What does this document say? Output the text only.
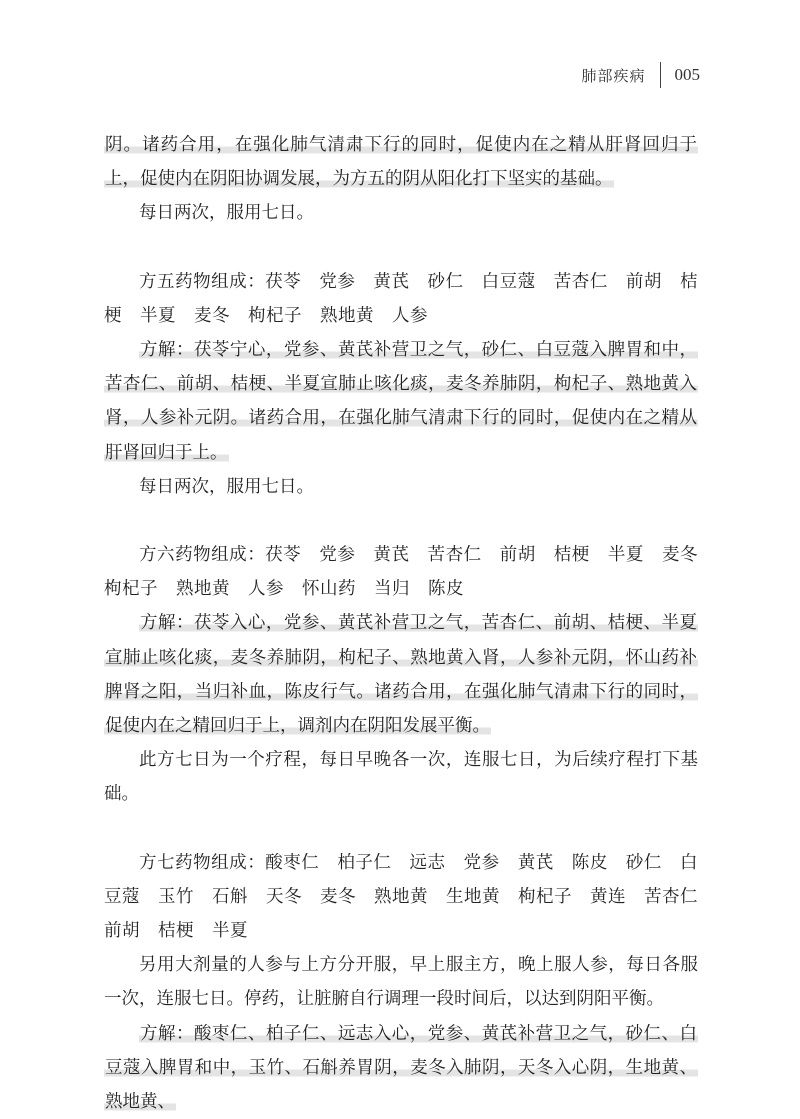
肺部疾病 005

阴。诸药合用，在强化肺气清肃下行的同时，促使内在之精从肝肾回归于上，促使内在阴阳协调发展，为方五的阴从阳化打下坚实的基础。

每日两次，服用七日。

方五药物组成：茯苓　党参　黄芪　砂仁　白豆蔻　苦杏仁　前胡　桔梗　半夏　麦冬　枸杞子　熟地黄　人参

方解：茯苓宁心，党参、黄芪补营卫之气，砂仁、白豆蔻入脾胃和中，苦杏仁、前胡、桔梗、半夏宣肺止咳化痰，麦冬养肺阴，枸杞子、熟地黄入肾，人参补元阴。诸药合用，在强化肺气清肃下行的同时，促使内在之精从肝肾回归于上。

每日两次，服用七日。

方六药物组成：茯苓　党参　黄芪　苦杏仁　前胡　桔梗　半夏　麦冬　枸杞子　熟地黄　人参　怀山药　当归　陈皮

方解：茯苓入心，党参、黄芪补营卫之气，苦杏仁、前胡、桔梗、半夏宣肺止咳化痰，麦冬养肺阴，枸杞子、熟地黄入肾，人参补元阴，怀山药补脾肾之阳，当归补血，陈皮行气。诸药合用，在强化肺气清肃下行的同时，促使内在之精回归于上，调剂内在阴阳发展平衡。

此方七日为一个疗程，每日早晚各一次，连服七日，为后续疗程打下基础。

方七药物组成：酸枣仁　柏子仁　远志　党参　黄芪　陈皮　砂仁　白豆蔻　玉竹　石斛　天冬　麦冬　熟地黄　生地黄　枸杞子　黄连　苦杏仁　前胡　桔梗　半夏

另用大剂量的人参与上方分开服，早上服主方，晚上服人参，每日各服一次，连服七日。停药，让脏腑自行调理一段时间后，以达到阴阳平衡。

方解：酸枣仁、柏子仁、远志入心，党参、黄芪补营卫之气，砂仁、白豆蔻入脾胃和中，玉竹、石斛养胃阴，麦冬入肺阴，天冬入心阴，生地黄、熟地黄、
